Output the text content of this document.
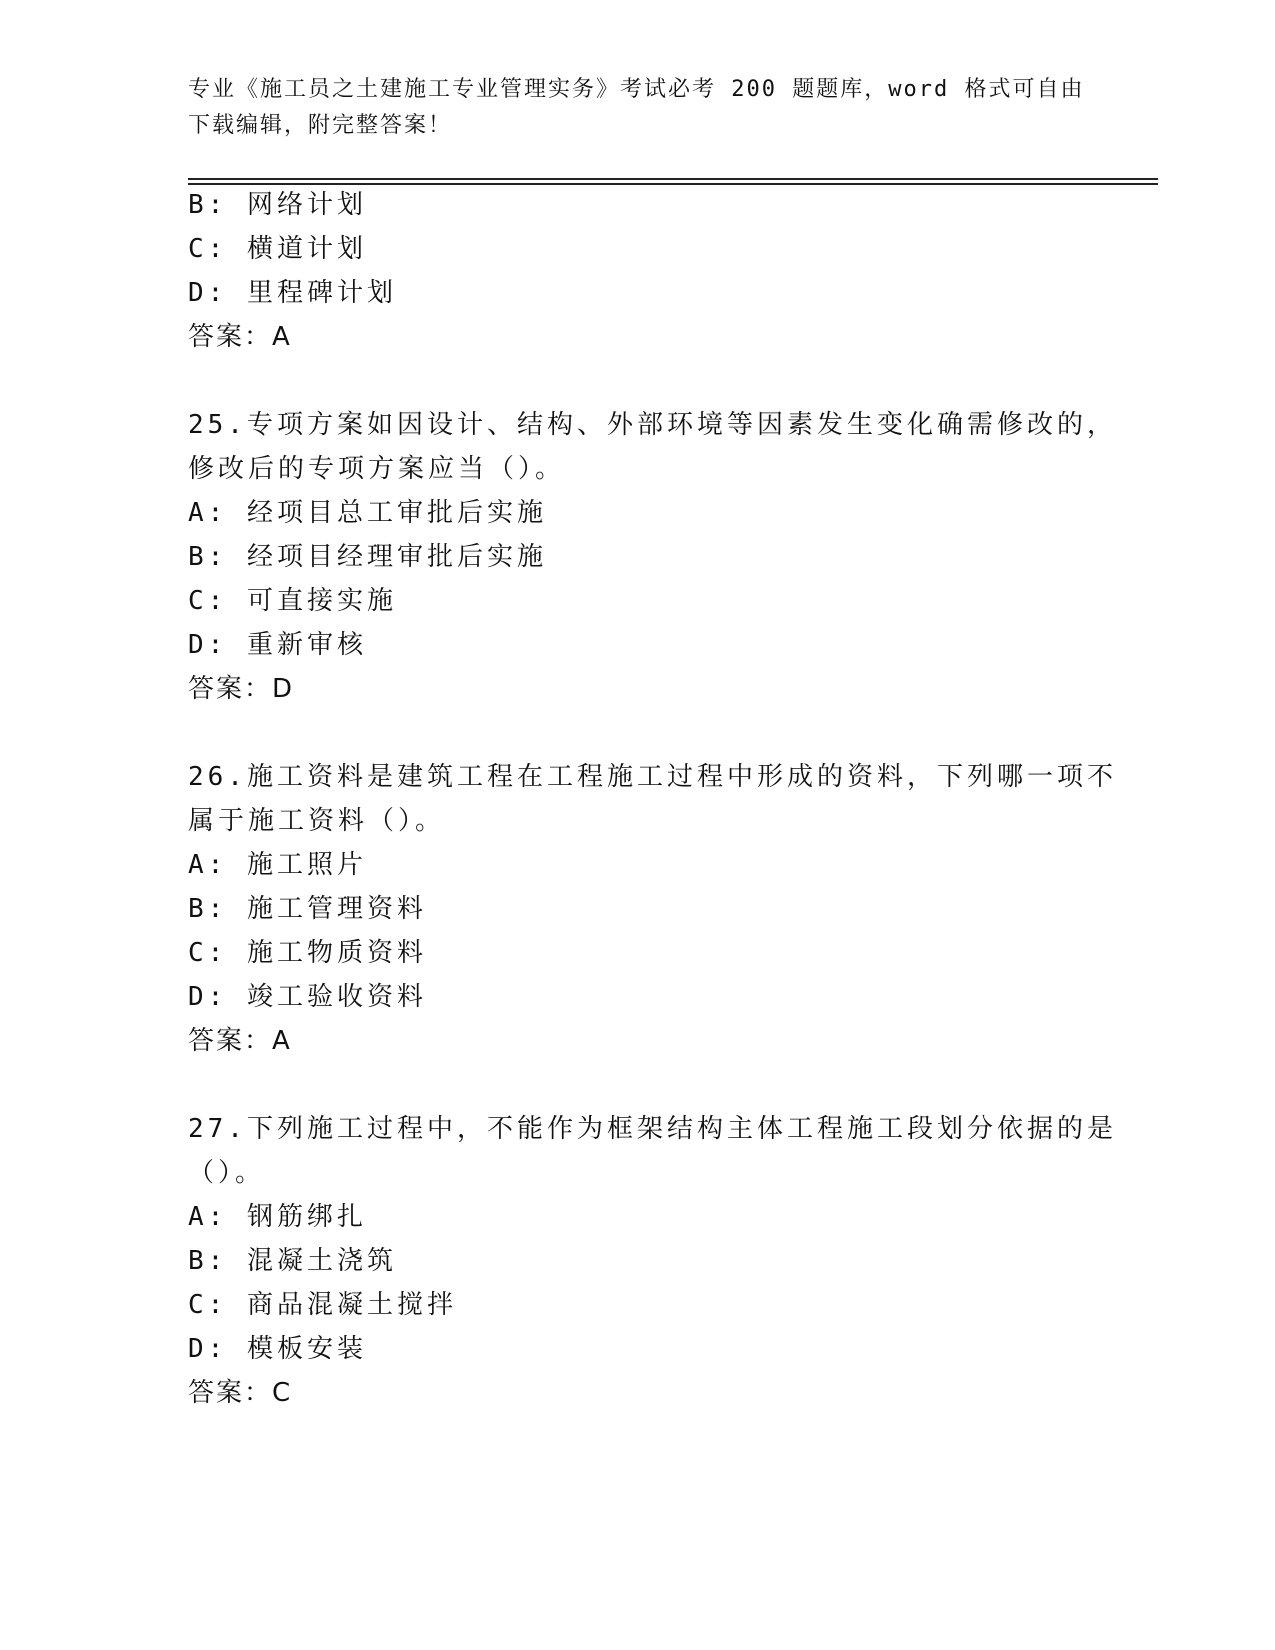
专业《施工员之土建施工专业管理实务》考试必考 200 题题库，word 格式可自由
下载编辑，附完整答案！
B: 网络计划
C: 横道计划
D: 里程碑计划
答案：A
25.专项方案如因设计、结构、外部环境等因素发生变化确需修改的，
修改后的专项方案应当（）。
A: 经项目总工审批后实施
B: 经项目经理审批后实施
C: 可直接实施
D: 重新审核
答案：D
26.施工资料是建筑工程在工程施工过程中形成的资料，下列哪一项不
属于施工资料（）。
A: 施工照片
B: 施工管理资料
C: 施工物质资料
D: 竣工验收资料
答案：A
27.下列施工过程中，不能作为框架结构主体工程施工段划分依据的是
（）。
A: 钢筋绑扎
B: 混凝土浇筑
C: 商品混凝土搅拌
D: 模板安装
答案：C
